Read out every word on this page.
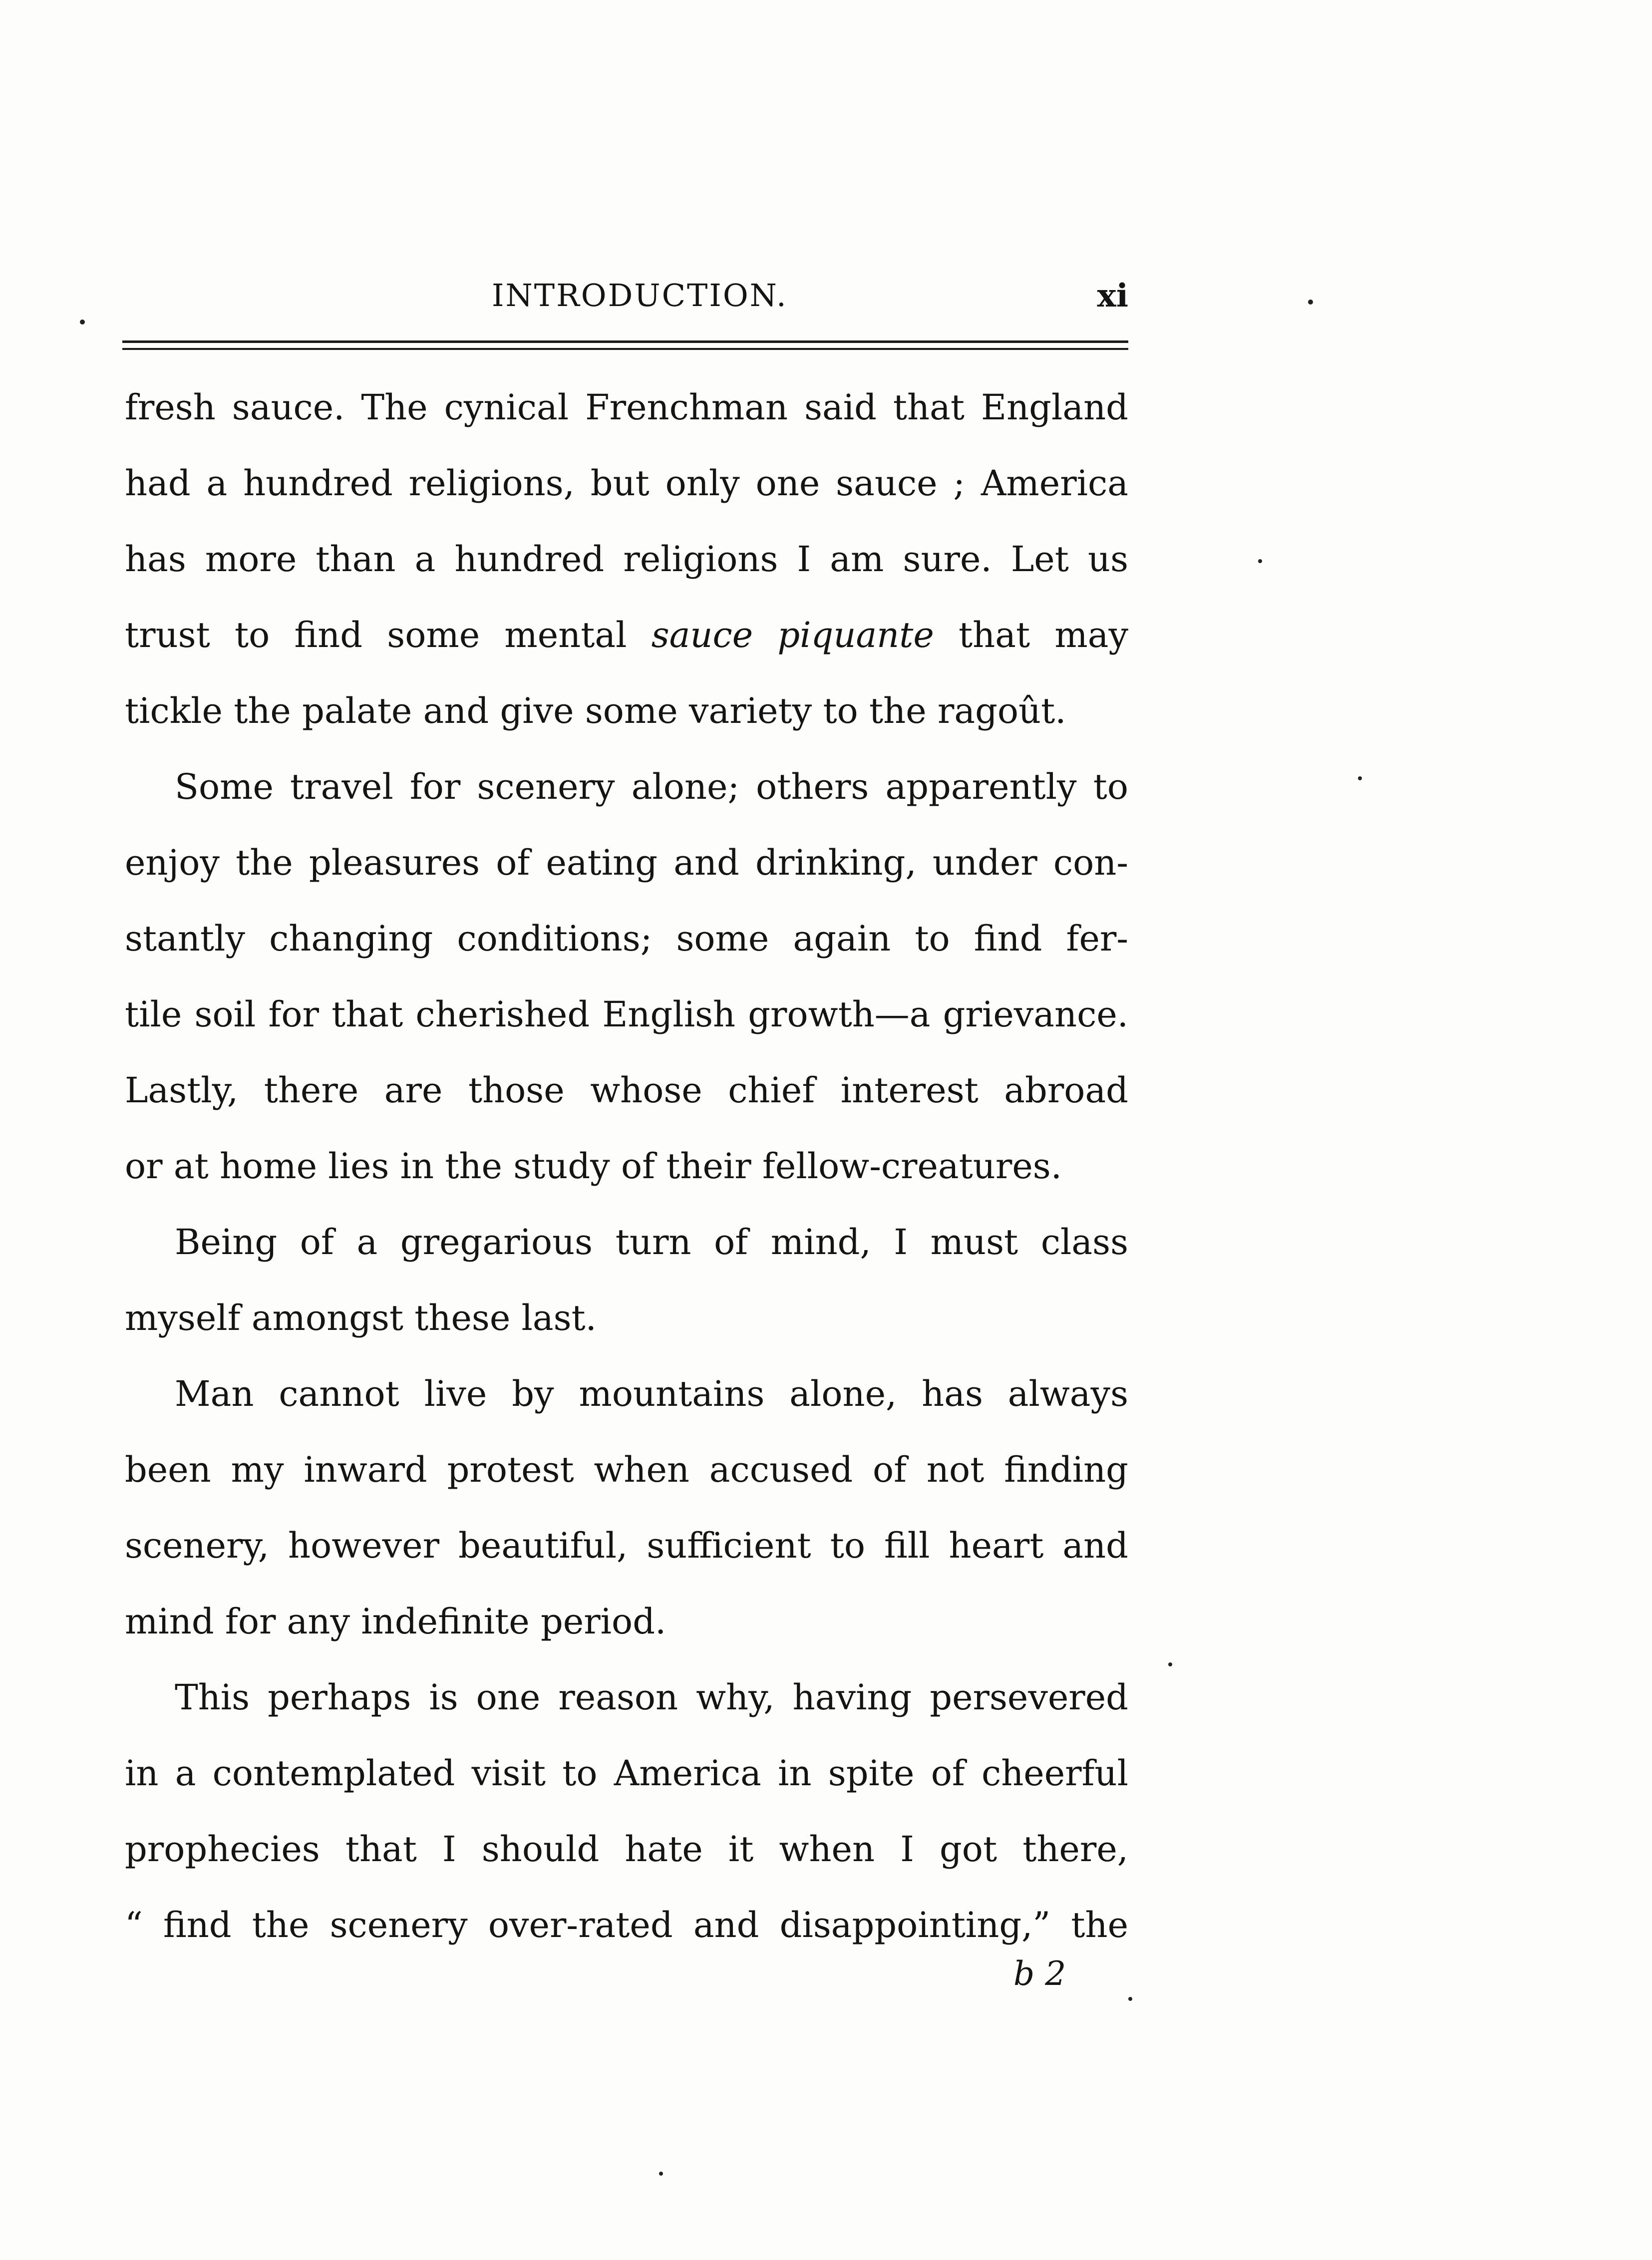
INTRODUCTION.	xi
fresh sauce. The cynical Frenchman said that England
had a hundred religions, but only one sauce ; America
has more than a hundred religions I am sure. Let us
trust to find some mental sauce piquante that may
tickle the palate and give some variety to the ragoût.
Some travel for scenery alone; others apparently to
enjoy the pleasures of eating and drinking, under con-
stantly changing conditions; some again to find fer-
tile soil for that cherished English growth—a grievance.
Lastly, there are those whose chief interest abroad
or at home lies in the study of their fellow-creatures.
Being of a gregarious turn of mind, I must class
myself amongst these last.
Man cannot live by mountains alone, has always
been my inward protest when accused of not finding
scenery, however beautiful, sufficient to fill heart and
mind for any indefinite period.
This perhaps is one reason why, having persevered
in a contemplated visit to America in spite of cheerful
prophecies that I should hate it when I got there,
“ find the scenery over-rated and disappointing,” the
b 2
